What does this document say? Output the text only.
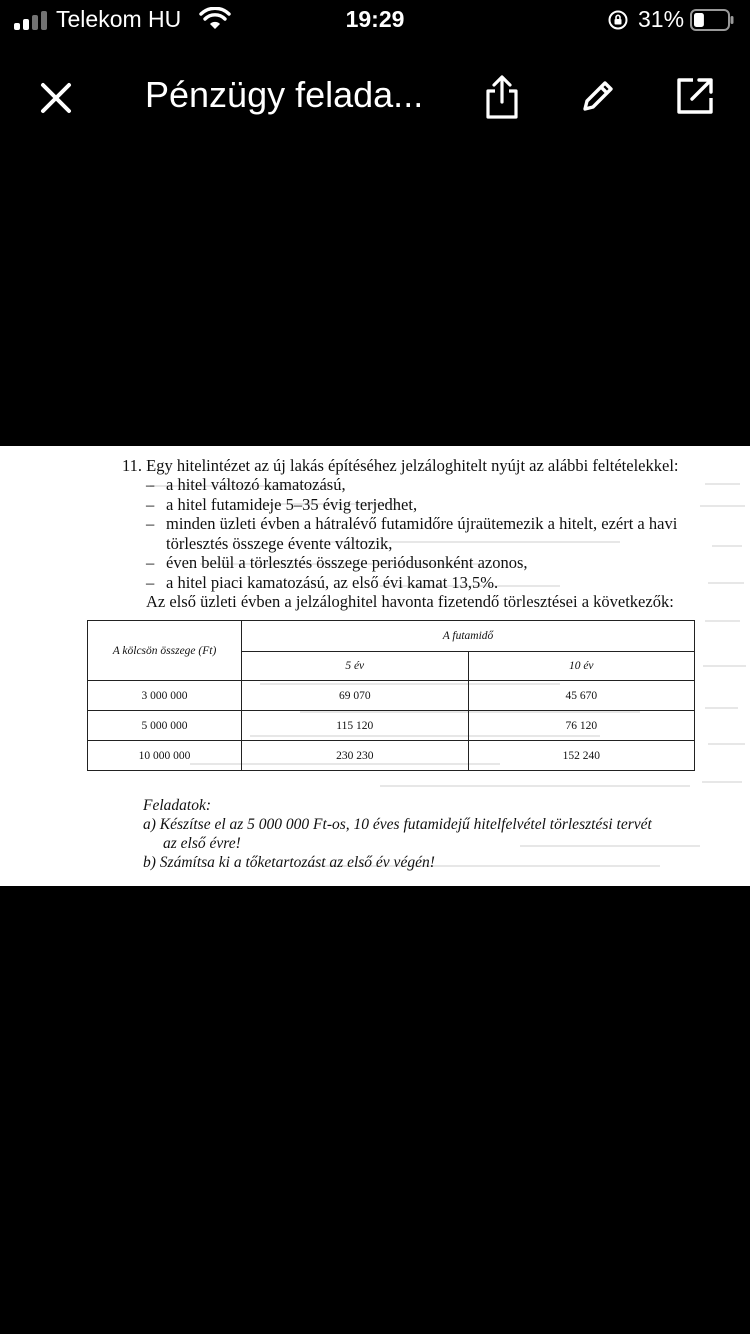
Telekom HU	19:29	31%
Pénzügy felada...
11. Egy hitelintézet az új lakás építéséhez jelzáloghitelt nyújt az alábbi feltételekkel:
– a hitel változó kamatozású,
– a hitel futamideje 5–35 évig terjedhet,
– minden üzleti évben a hátralévő futamidőre újraütemezik a hitelt, ezért a havi törlesztés összege évente változik,
– éven belül a törlesztés összege periódusonként azonos,
– a hitel piaci kamatozású, az első évi kamat 13,5%.
Az első üzleti évben a jelzáloghitel havonta fizetendő törlesztései a következők:
A kölcsön összege (Ft)	A futamidő	
	5 év	10 év
3 000 000	69 070	45 670
5 000 000	115 120	76 120
10 000 000	230 230	152 240
Feladatok:
a) Készítse el az 5 000 000 Ft-os, 10 éves futamidejű hitelfelvétel törlesztési tervét
az első évre!
b) Számítsa ki a tőketartozást az első év végén!
